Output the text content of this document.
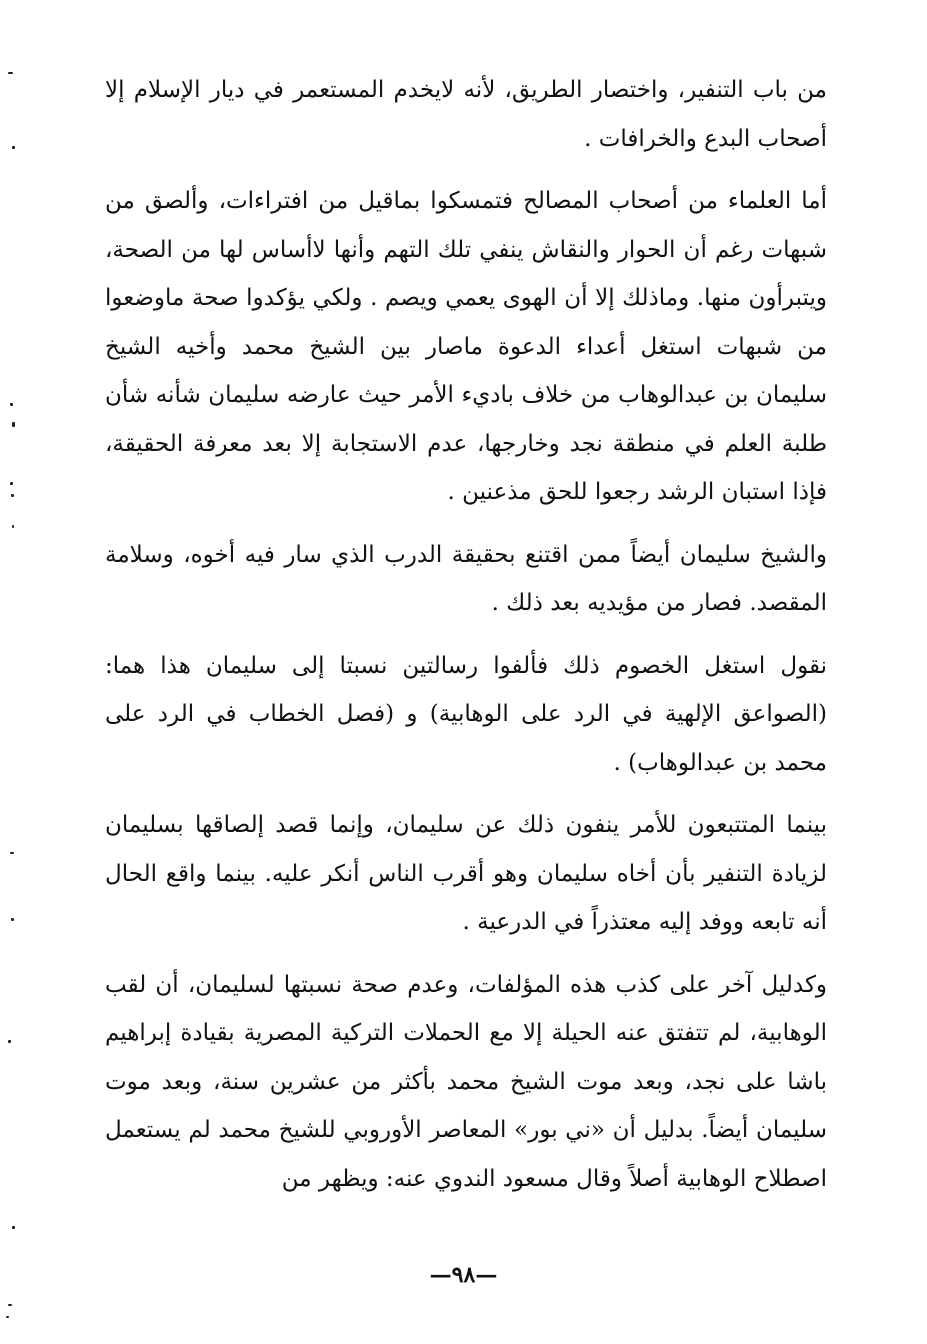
من باب التنفير، واختصار الطريق، لأنه لايخدم المستعمر في ديار الإسلام إلا أصحاب البدع والخرافات .

أما العلماء من أصحاب المصالح فتمسكوا بماقيل من افتراءات، وألصق من شبهات رغم أن الحوار والنقاش ينفي تلك التهم وأنها لاأساس لها من الصحة، ويتبرأون منها. وماذلك إلا أن الهوى يعمي ويصم . ولكي يؤكدوا صحة ماوضعوا من شبهات استغل أعداء الدعوة ماصار بين الشيخ محمد وأخيه الشيخ سليمان بن عبدالوهاب من خلاف باديء الأمر حيث عارضه سليمان شأنه شأن طلبة العلم في منطقة نجد وخارجها، عدم الاستجابة إلا بعد معرفة الحقيقة، فإذا استبان الرشد رجعوا للحق مذعنين .

والشيخ سليمان أيضاً ممن اقتنع بحقيقة الدرب الذي سار فيه أخوه، وسلامة المقصد. فصار من مؤيديه بعد ذلك .

نقول استغل الخصوم ذلك فألفوا رسالتين نسبتا إلى سليمان هذا هما: (الصواعق الإلهية في الرد على الوهابية) و (فصل الخطاب في الرد على محمد بن عبدالوهاب) .

بينما المتتبعون للأمر ينفون ذلك عن سليمان، وإنما قصد إلصاقها بسليمان لزيادة التنفير بأن أخاه سليمان وهو أقرب الناس أنكر عليه. بينما واقع الحال أنه تابعه ووفد إليه معتذراً في الدرعية .

وكدليل آخر على كذب هذه المؤلفات، وعدم صحة نسبتها لسليمان، أن لقب الوهابية، لم تتفتق عنه الحيلة إلا مع الحملات التركية المصرية بقيادة إبراهيم باشا على نجد، وبعد موت الشيخ محمد بأكثر من عشرين سنة، وبعد موت سليمان أيضاً. بدليل أن «ني بور» المعاصر الأوروبي للشيخ محمد لم يستعمل اصطلاح الوهابية أصلاً وقال مسعود الندوي عنه: ويظهر من

—٩٨—
